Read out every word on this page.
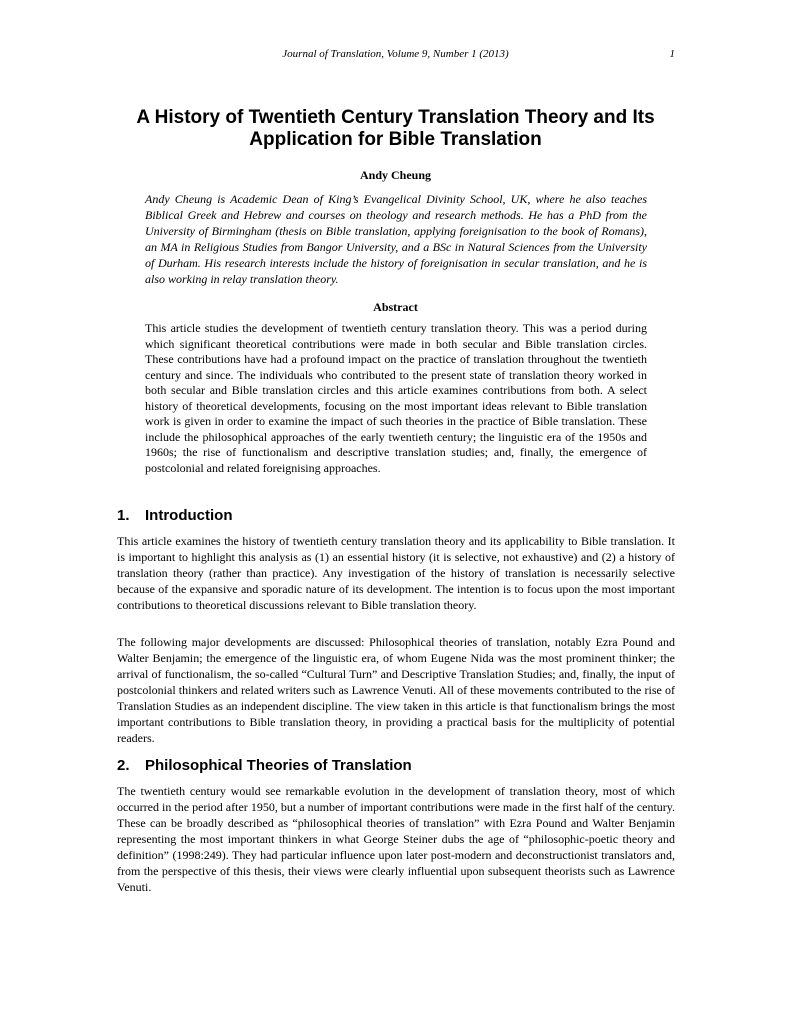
Journal of Translation, Volume 9, Number 1 (2013)	1
A History of Twentieth Century Translation Theory and Its Application for Bible Translation
Andy Cheung

Andy Cheung is Academic Dean of King’s Evangelical Divinity School, UK, where he also teaches Biblical Greek and Hebrew and courses on theology and research methods. He has a PhD from the University of Birmingham (thesis on Bible translation, applying foreignisation to the book of Romans), an MA in Religious Studies from Bangor University, and a BSc in Natural Sciences from the University of Durham. His research interests include the history of foreignisation in secular translation, and he is also working in relay translation theory.

Abstract

This article studies the development of twentieth century translation theory. This was a period during which significant theoretical contributions were made in both secular and Bible translation circles. These contributions have had a profound impact on the practice of translation throughout the twentieth century and since. The individuals who contributed to the present state of translation theory worked in both secular and Bible translation circles and this article examines contributions from both. A select history of theoretical developments, focusing on the most important ideas relevant to Bible translation work is given in order to examine the impact of such theories in the practice of Bible translation. These include the philosophical approaches of the early twentieth century; the linguistic era of the 1950s and 1960s; the rise of functionalism and descriptive translation studies; and, finally, the emergence of postcolonial and related foreignising approaches.

1. Introduction

This article examines the history of twentieth century translation theory and its applicability to Bible translation. It is important to highlight this analysis as (1) an essential history (it is selective, not exhaustive) and (2) a history of translation theory (rather than practice). Any investigation of the history of translation is necessarily selective because of the expansive and sporadic nature of its development. The intention is to focus upon the most important contributions to theoretical discussions relevant to Bible translation theory.

The following major developments are discussed: Philosophical theories of translation, notably Ezra Pound and Walter Benjamin; the emergence of the linguistic era, of whom Eugene Nida was the most prominent thinker; the arrival of functionalism, the so-called “Cultural Turn” and Descriptive Translation Studies; and, finally, the input of postcolonial thinkers and related writers such as Lawrence Venuti. All of these movements contributed to the rise of Translation Studies as an independent discipline. The view taken in this article is that functionalism brings the most important contributions to Bible translation theory, in providing a practical basis for the multiplicity of potential readers.

2. Philosophical Theories of Translation

The twentieth century would see remarkable evolution in the development of translation theory, most of which occurred in the period after 1950, but a number of important contributions were made in the first half of the century. These can be broadly described as “philosophical theories of translation” with Ezra Pound and Walter Benjamin representing the most important thinkers in what George Steiner dubs the age of “philosophic-poetic theory and definition” (1998:249). They had particular influence upon later post-modern and deconstructionist translators and, from the perspective of this thesis, their views were clearly influential upon subsequent theorists such as Lawrence Venuti.
